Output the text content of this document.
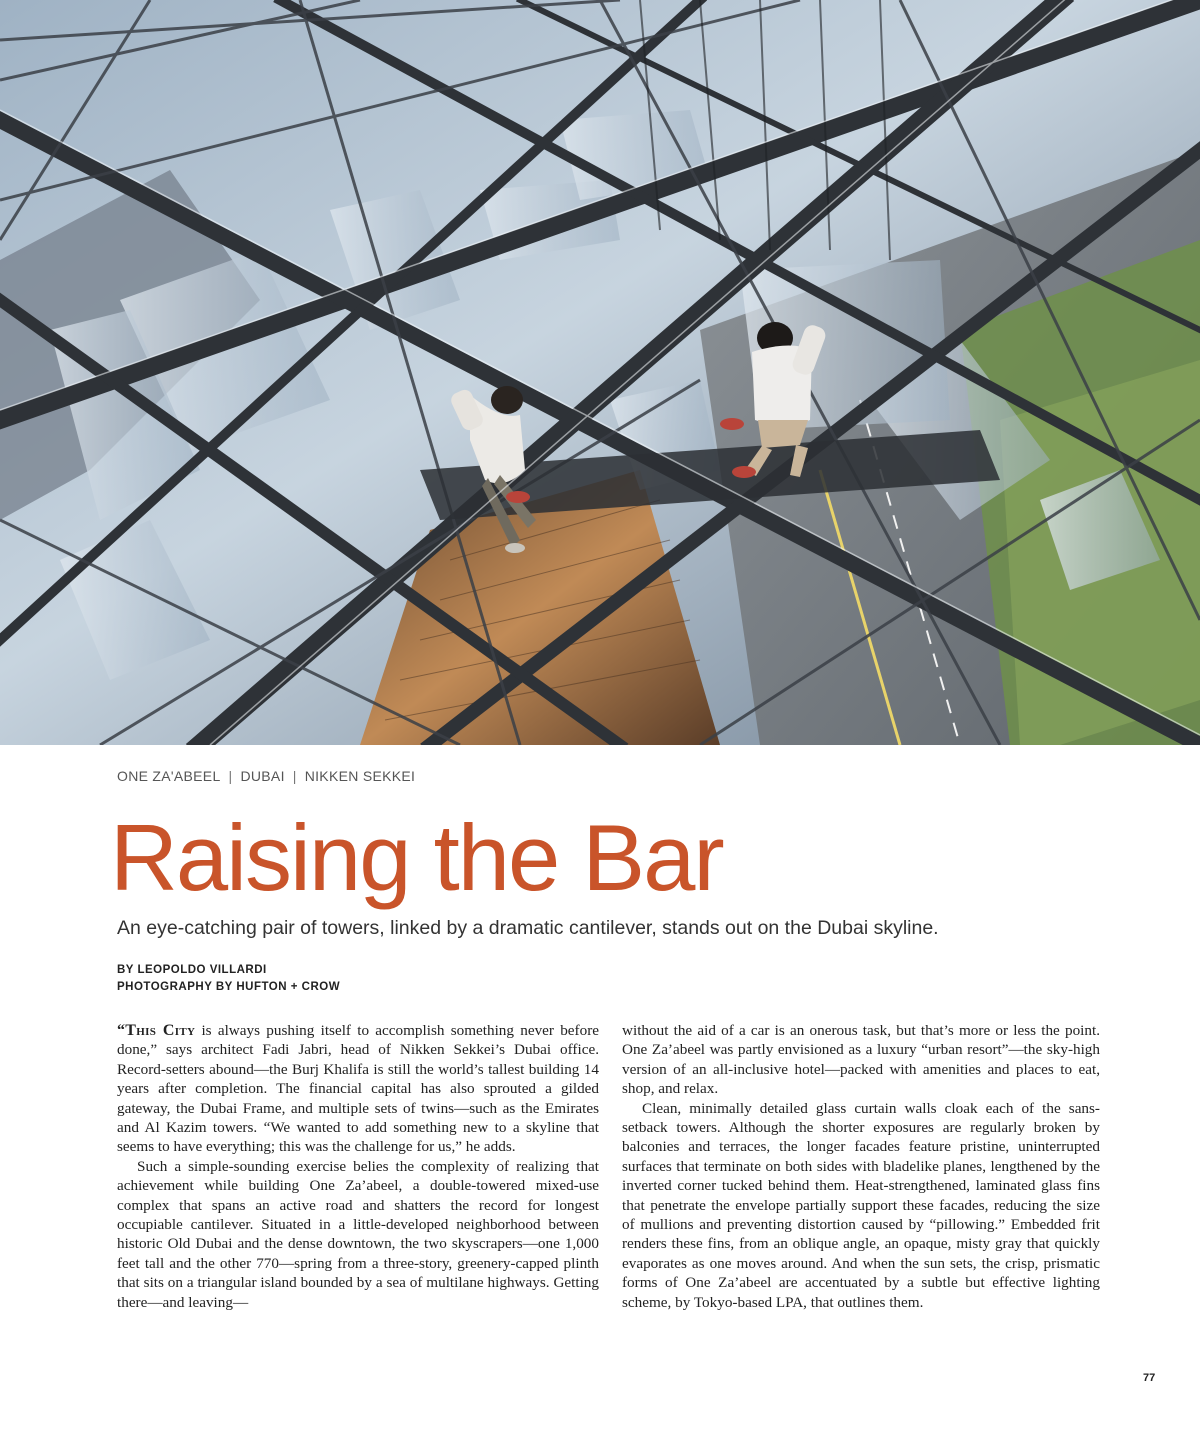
ONE ZA'ABEEL | DUBAI | NIKKEN SEKKEI
Raising the Bar

An eye-catching pair of towers, linked by a dramatic cantilever, stands out on the Dubai skyline.

BY LEOPOLDO VILLARDI
PHOTOGRAPHY BY HUFTON + CROW

“This City is always pushing itself to accomplish something never before done,” says architect Fadi Jabri, head of Nikken Sekkei’s Dubai office. Record-setters abound—the Burj Khalifa is still the world’s tallest building 14 years after completion. The financial capital has also sprouted a gilded gateway, the Dubai Frame, and multiple sets of twins—such as the Emirates and Al Kazim towers. “We wanted to add something new to a skyline that seems to have everything; this was the challenge for us,” he adds.

Such a simple-sounding exercise belies the complexity of realizing that achievement while building One Za’abeel, a double-towered mixed-use complex that spans an active road and shatters the record for longest occupiable cantilever. Situated in a little-developed neighborhood between historic Old Dubai and the dense downtown, the two skyscrapers—one 1,000 feet tall and the other 770—spring from a three-story, greenery-capped plinth that sits on a triangular island bounded by a sea of multilane highways. Getting there—and leaving—

without the aid of a car is an onerous task, but that’s more or less the point. One Za’abeel was partly envisioned as a luxury “urban resort”—the sky-high version of an all-inclusive hotel—packed with amenities and places to eat, shop, and relax.

Clean, minimally detailed glass curtain walls cloak each of the sans-setback towers. Although the shorter exposures are regularly broken by balconies and terraces, the longer facades feature pristine, uninterrupted surfaces that terminate on both sides with bladelike planes, lengthened by the inverted corner tucked behind them. Heat-strengthened, laminated glass fins that penetrate the envelope partially support these facades, reducing the size of mullions and preventing distortion caused by “pillowing.” Embedded frit renders these fins, from an oblique angle, an opaque, misty gray that quickly evaporates as one moves around. And when the sun sets, the crisp, prismatic forms of One Za’abeel are accentuated by a subtle but effective lighting scheme, by Tokyo-based LPA, that outlines them.

77
